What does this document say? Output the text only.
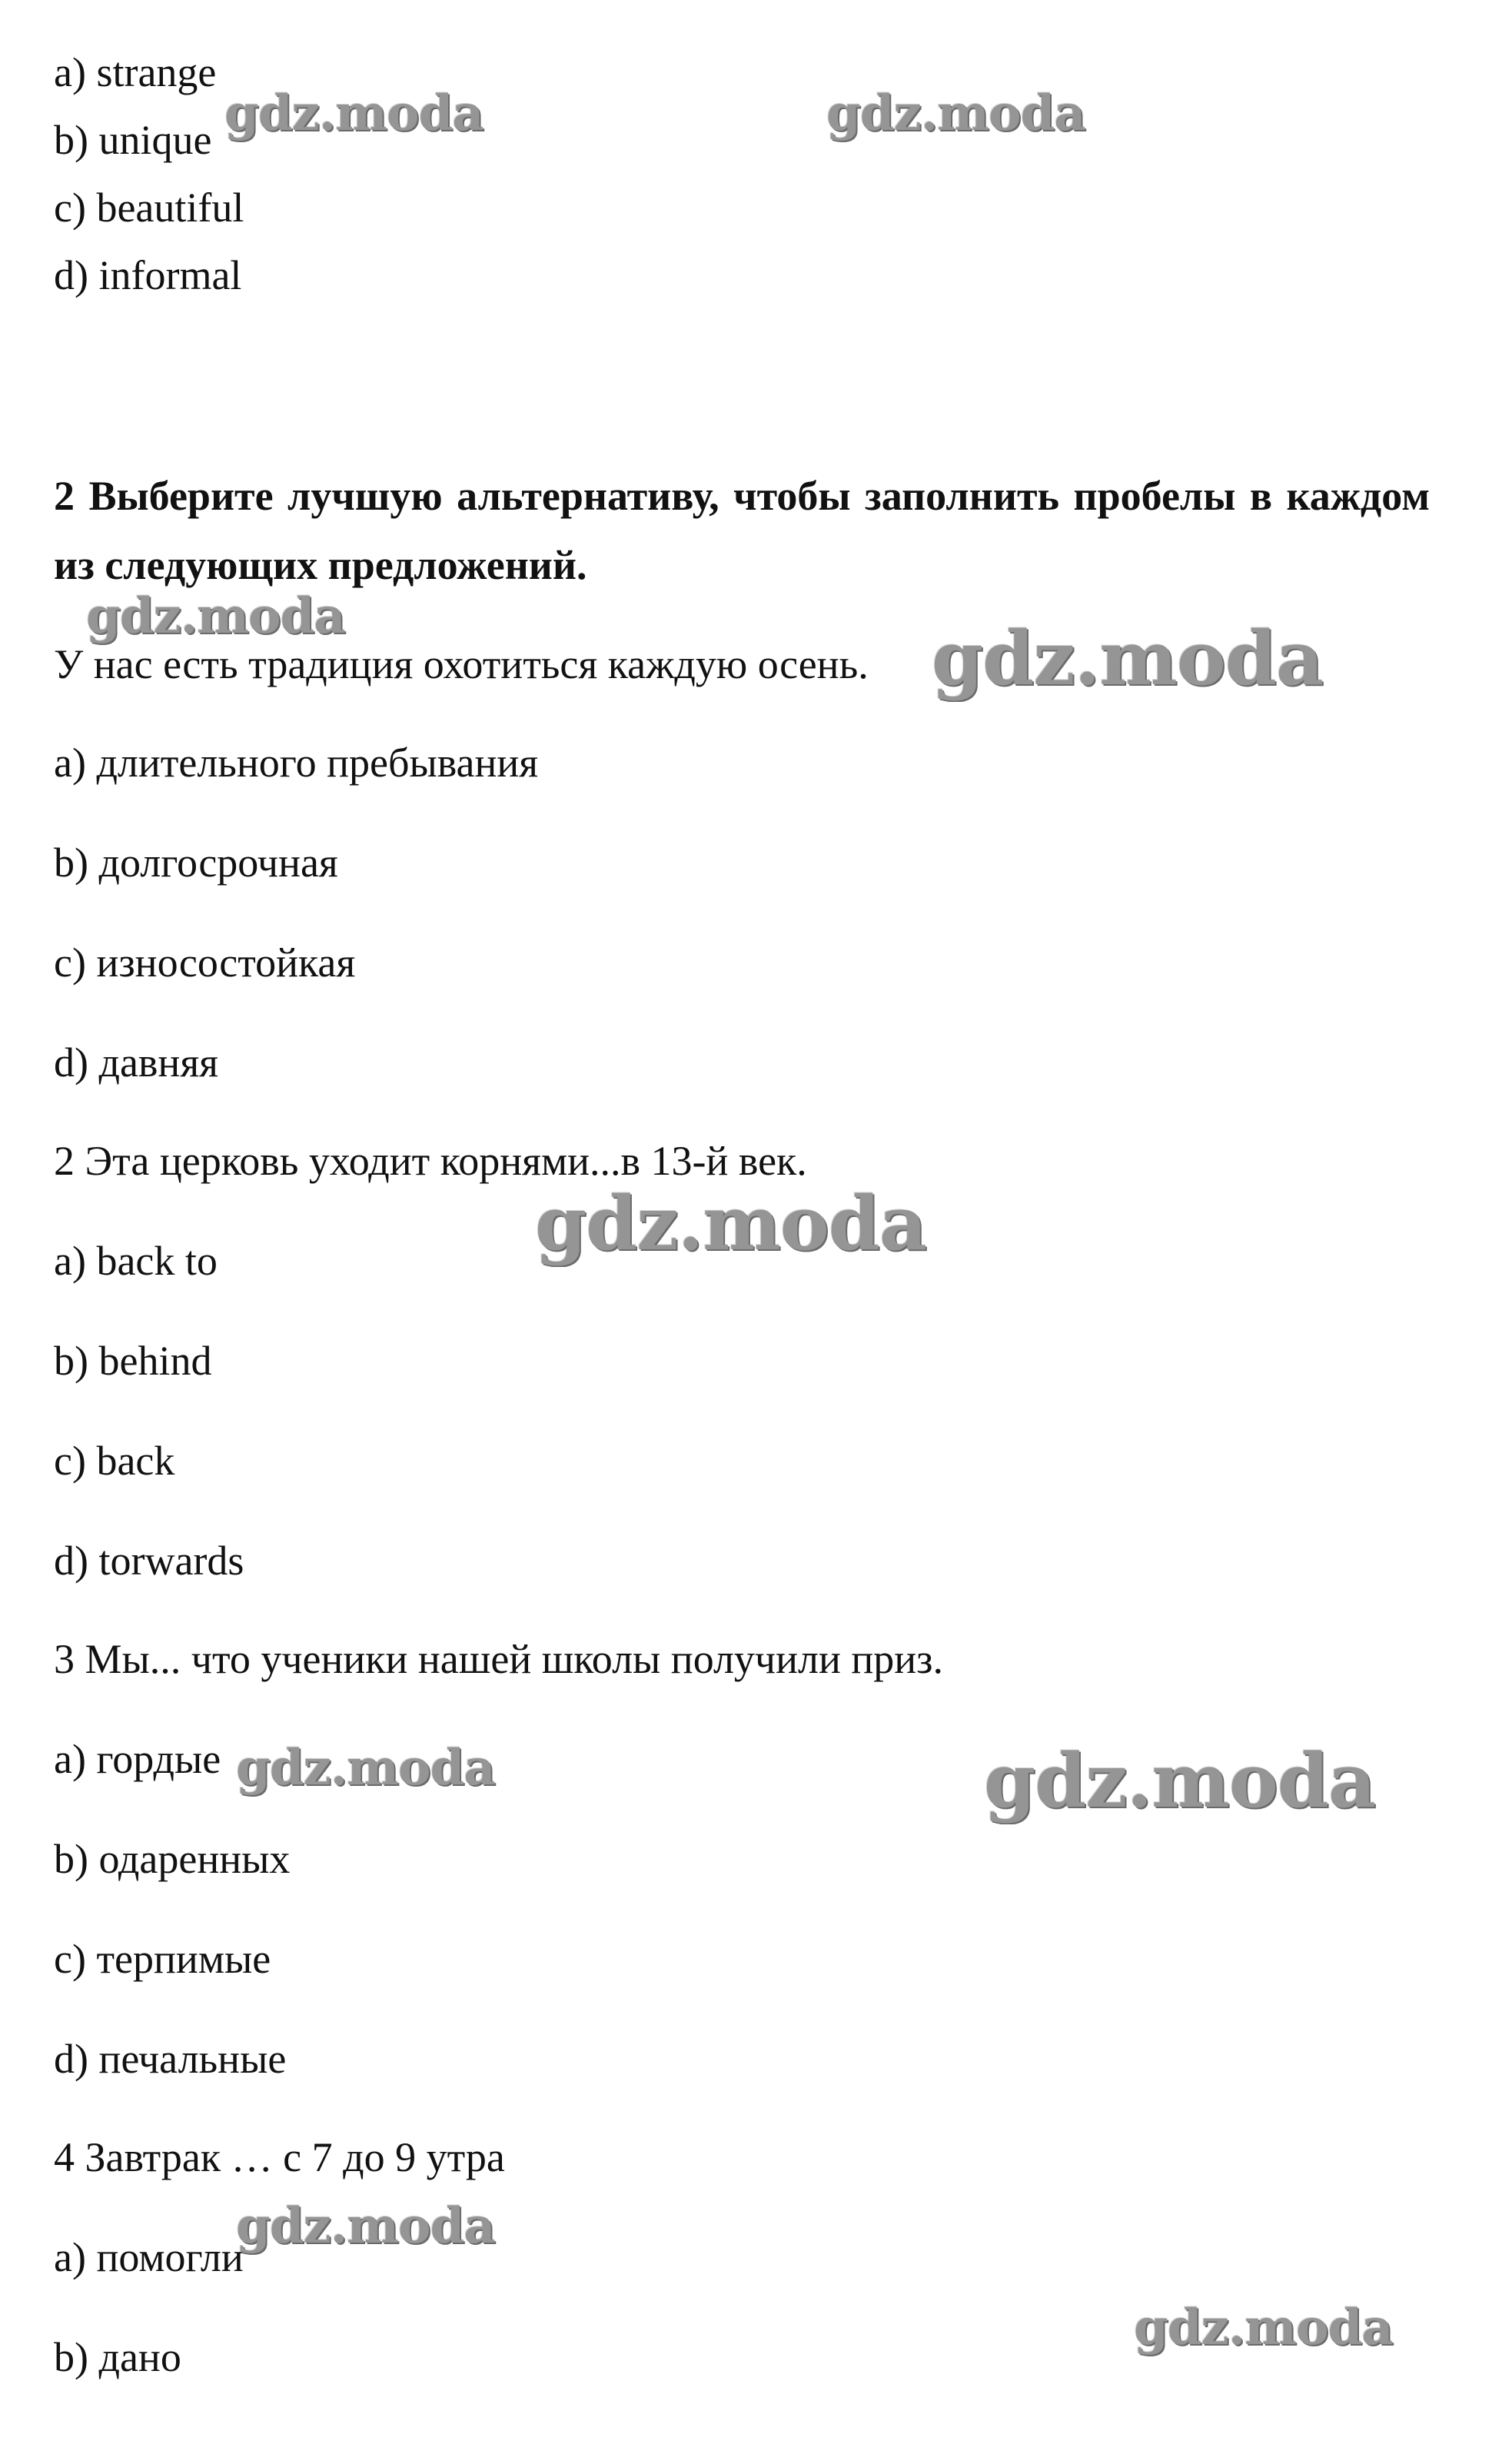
a) strange
b) unique
c) beautiful
d) informal
2 Выберите лучшую альтернативу, чтобы заполнить пробелы в каждом из следующих предложений.
У нас есть традиция охотиться каждую осень.
a) длительного пребывания
b) долгосрочная
c) износостойкая
d) давняя
2 Эта церковь уходит корнями...в 13-й век.
a) back to
b) behind
c) back
d) torwards
3 Мы... что ученики нашей школы получили приз.
a) гордые
b) одаренных
c) терпимые
d) печальные
4 Завтрак … с 7 до 9 утра
a) помогли
b) дано
gdz.moda	gdz.moda
gdz.moda	gdz.moda
gdz.moda
gdz.moda	gdz.moda
gdz.moda
gdz.moda
